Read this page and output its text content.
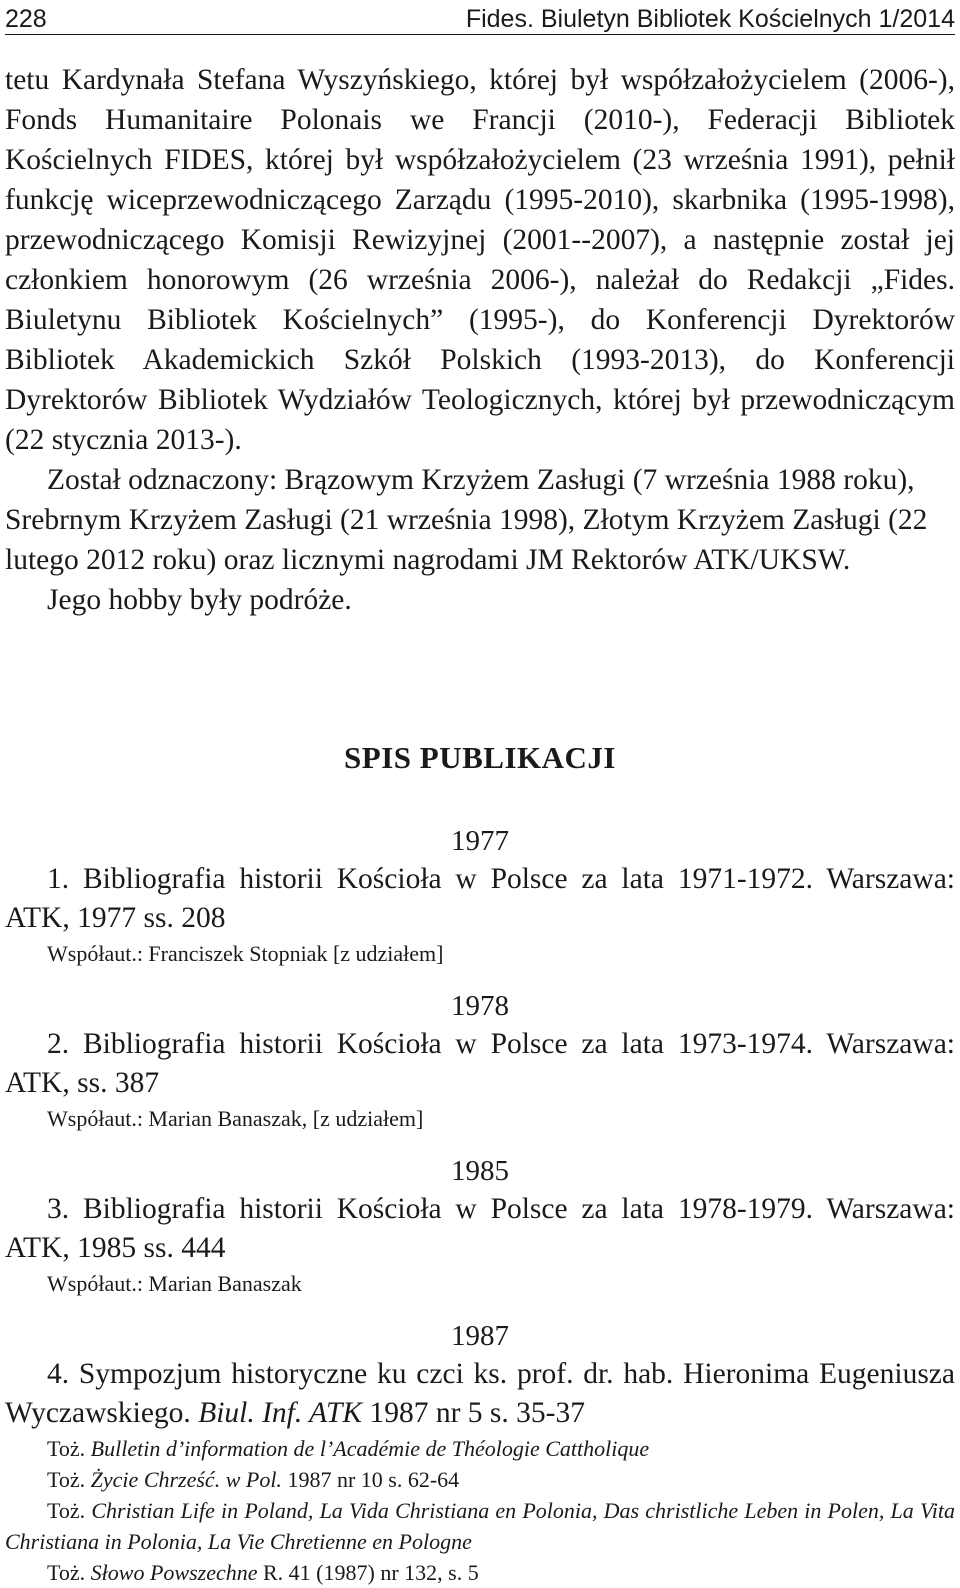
228	Fides. Biuletyn Bibliotek Kościelnych 1/2014

tetu Kardynała Stefana Wyszyńskiego, której był współzałożycielem (2006-), Fonds Humanitaire Polonais we Francji (2010-), Federacji Bibliotek Kościelnych FIDES, której był współzałożycielem (23 września 1991), pełnił funkcję wiceprzewodniczącego Zarządu (1995-2010), skarbnika (1995-1998), przewodniczącego Komisji Rewizyjnej (2001--2007), a następnie został jej członkiem honorowym (26 września 2006-), należał do Redakcji „Fides. Biuletynu Bibliotek Kościelnych” (1995-), do Konferencji Dyrektorów Bibliotek Akademickich Szkół Polskich (1993-2013), do Konferencji Dyrektorów Bibliotek Wydziałów Teologicznych, której był przewodniczącym (22 stycznia 2013-).

Został odznaczony: Brązowym Krzyżem Zasługi (7 września 1988 roku), Srebrnym Krzyżem Zasługi (21 września 1998), Złotym Krzyżem Zasługi (22 lutego 2012 roku) oraz licznymi nagrodami JM Rektorów ATK/UKSW.

Jego hobby były podróże.

SPIS PUBLIKACJI

1977

1. Bibliografia historii Kościoła w Polsce za lata 1971-1972. Warszawa: ATK, 1977 ss. 208

Współaut.: Franciszek Stopniak [z udziałem]

1978

2. Bibliografia historii Kościoła w Polsce za lata 1973-1974. Warszawa: ATK, ss. 387

Współaut.: Marian Banaszak, [z udziałem]

1985

3. Bibliografia historii Kościoła w Polsce za lata 1978-1979. Warszawa: ATK, 1985 ss. 444

Współaut.: Marian Banaszak

1987

4. Sympozjum historyczne ku czci ks. prof. dr. hab. Hieronima Eugeniusza Wyczawskiego. Biul. Inf. ATK 1987 nr 5 s. 35-37

Toż. Bulletin d’information de l’Académie de Théologie Cattholique

Toż. Życie Chrześć. w Pol. 1987 nr 10 s. 62-64

Toż. Christian Life in Poland, La Vida Christiana en Polonia, Das christliche Leben in Polen, La Vita Christiana in Polonia, La Vie Chretienne en Pologne

Toż. Słowo Powszechne R. 41 (1987) nr 132, s. 5
